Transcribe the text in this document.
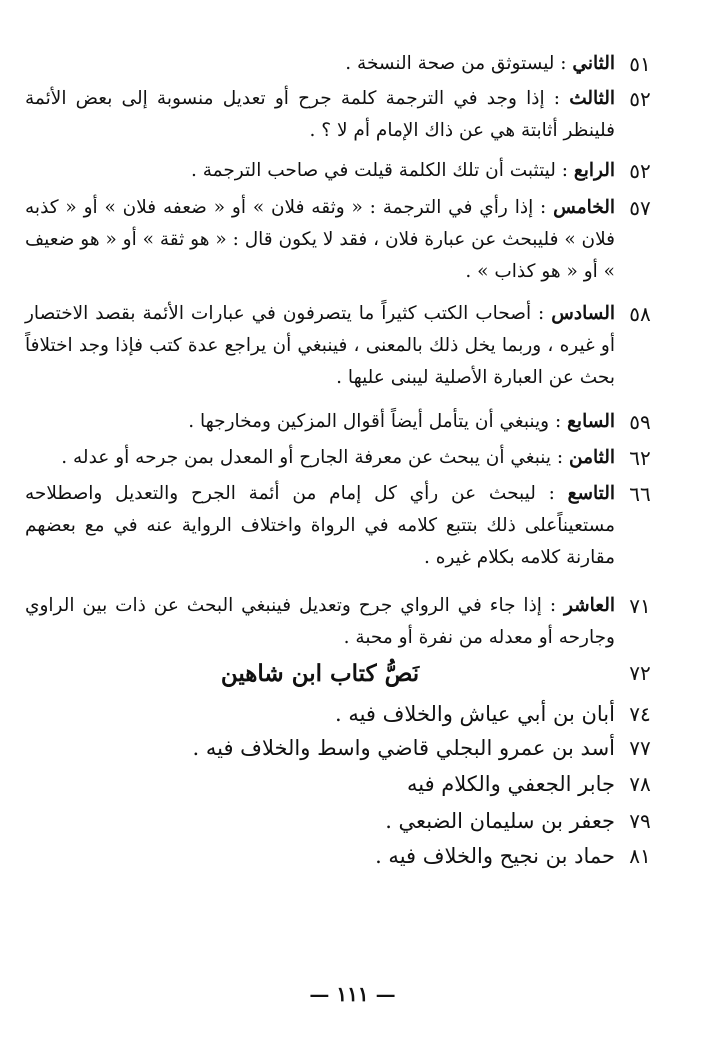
٥١
الثاني : ليستوثق من صحة النسخة .
٥٢
الثالث : إذا وجد في الترجمة كلمة جرح أو تعديل منسوبة إلى بعض الأئمة فلينظر أثابتة هي عن ذاك الإمام أم لا ؟ .
٥٢
الرابع : ليتثبت أن تلك الكلمة قيلت في صاحب الترجمة .
٥٧
الخامس : إذا رأي في الترجمة : « وثقه فلان » أو « ضعفه فلان » أو « كذبه فلان » فليبحث عن عبارة فلان ، فقد لا يكون قال : « هو ثقة » أو « هو ضعيف » أو « هو كذاب » .
٥٨
السادس : أصحاب الكتب كثيراً ما يتصرفون في عبارات الأئمة بقصد الاختصار أو غيره ، وربما يخل ذلك بالمعنى ، فينبغي أن يراجع عدة كتب فإذا وجد اختلافاً بحث عن العبارة الأصلية ليبنى عليها .
٥٩
السابع : وينبغي أن يتأمل أيضاً أقوال المزكين ومخارجها .
٦٢
الثامن : ينبغي أن يبحث عن معرفة الجارح أو المعدل بمن جرحه أو عدله .
٦٦
التاسع : ليبحث عن رأي كل إمام من أئمة الجرح والتعديل واصطلاحه مستعيناًعلى ذلك بتتبع كلامه في الرواة واختلاف الرواية عنه في مع بعضهم مقارنة كلامه بكلام غيره .
٧١
العاشر : إذا جاء في الرواي جرح وتعديل فينبغي البحث عن ذات بين الراوي وجارحه أو معدله من نفرة أو محبة .
٧٢
نَصُّ كتاب ابن شاهين
٧٤
أبان بن أبي عياش والخلاف فيه .
٧٧
أسد بن عمرو البجلي قاضي واسط والخلاف فيه .
٧٨
جابر الجعفي والكلام فيه
٧٩
جعفر بن سليمان الضبعي .
٨١
حماد بن نجيح والخلاف فيه .
— ١١١ —
